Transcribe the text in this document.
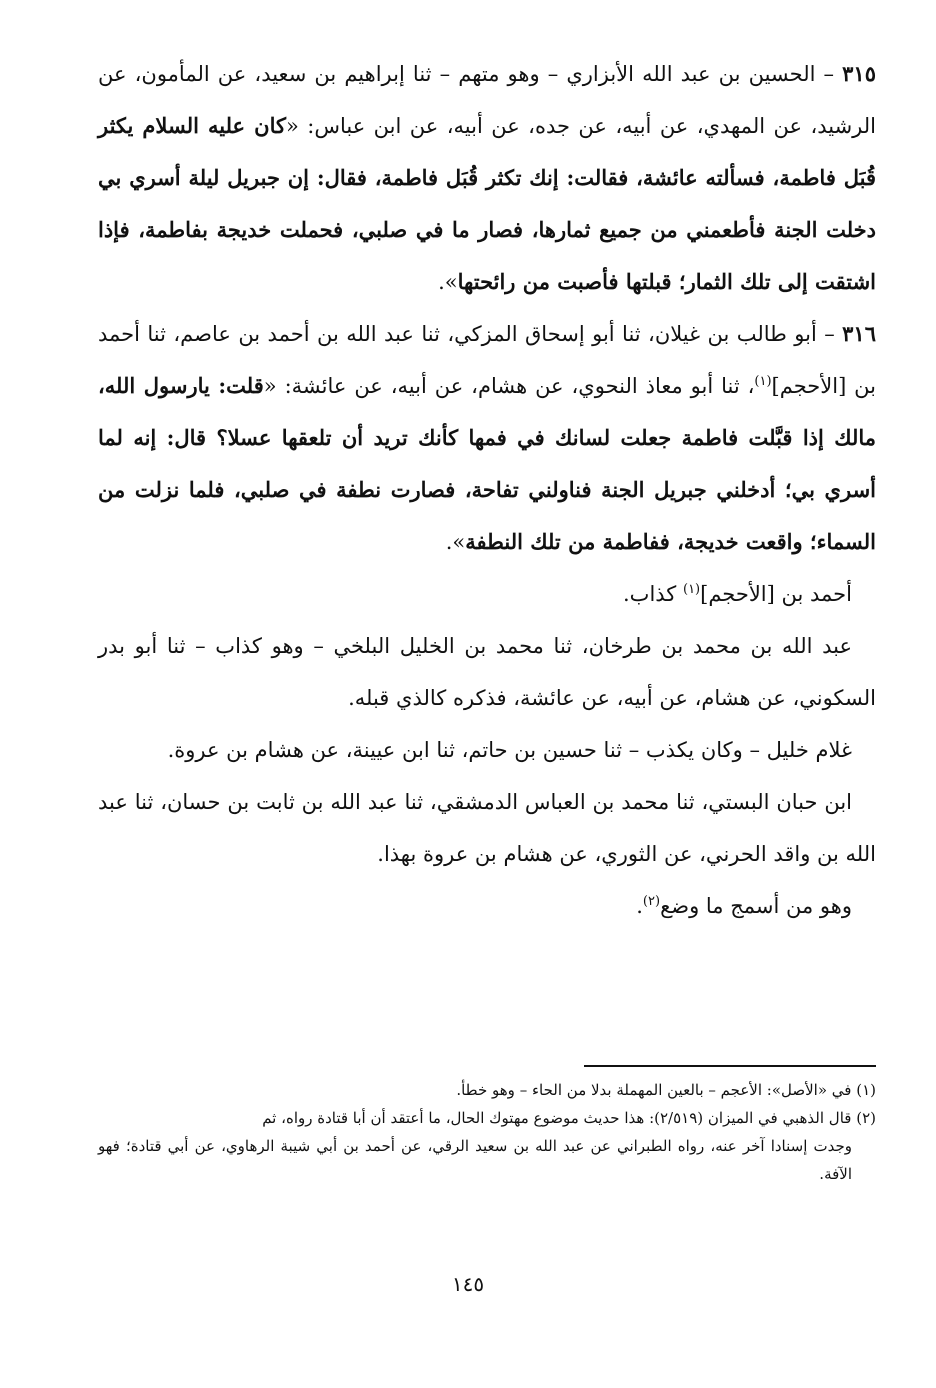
٣١٥ – الحسين بن عبد الله الأبزاري – وهو متهم – ثنا إبراهيم بن سعيد، عن المأمون، عن الرشيد، عن المهدي، عن أبيه، عن جده، عن أبيه، عن ابن عباس: «كان عليه السلام يكثر قُبَل فاطمة، فسألته عائشة، فقالت: إنك تكثر قُبَل فاطمة، فقال: إن جبريل ليلة أسري بي دخلت الجنة فأطعمني من جميع ثمارها، فصار ما في صلبي، فحملت خديجة بفاطمة، فإذا اشتقت إلى تلك الثمار؛ قبلتها فأصبت من رائحتها».

٣١٦ – أبو طالب بن غيلان، ثنا أبو إسحاق المزكي، ثنا عبد الله بن أحمد بن عاصم، ثنا أحمد بن [الأحجم]$^{(١)}$، ثنا أبو معاذ النحوي، عن هشام، عن أبيه، عن عائشة: «قلت: يارسول الله، مالك إذا قبَّلت فاطمة جعلت لسانك في فمها كأنك تريد أن تلعقها عسلا؟ قال: إنه لما أسري بي؛ أدخلني جبريل الجنة فناولني تفاحة، فصارت نطفة في صلبي، فلما نزلت من السماء؛ واقعت خديجة، ففاطمة من تلك النطفة».

أحمد بن [الأحجم]$^{(١)}$ كذاب.

عبد الله بن محمد بن طرخان، ثنا محمد بن الخليل البلخي – وهو كذاب – ثنا أبو بدر السكوني، عن هشام، عن أبيه، عن عائشة، فذكره كالذي قبله.

غلام خليل – وكان يكذب – ثنا حسين بن حاتم، ثنا ابن عيينة، عن هشام بن عروة.

ابن حبان البستي، ثنا محمد بن العباس الدمشقي، ثنا عبد الله بن ثابت بن حسان، ثنا عبد الله بن واقد الحرني، عن الثوري، عن هشام بن عروة بهذا.

وهو من أسمج ما وضع$^{(٢)}$.

(١) في «الأصل»: الأعجم – بالعين المهملة بدلا من الحاء – وهو خطأ.

(٢) قال الذهبي في الميزان (٢/٥١٩): هذا حديث موضوع مهتوك الحال، ما أعتقد أن أبا قتادة رواه، ثم

وجدت إسنادا آخر عنه، رواه الطبراني عن عبد الله بن سعيد الرقي، عن أحمد بن أبي شيبة الرهاوي، عن أبي قتادة؛ فهو الآفة.

١٤٥
